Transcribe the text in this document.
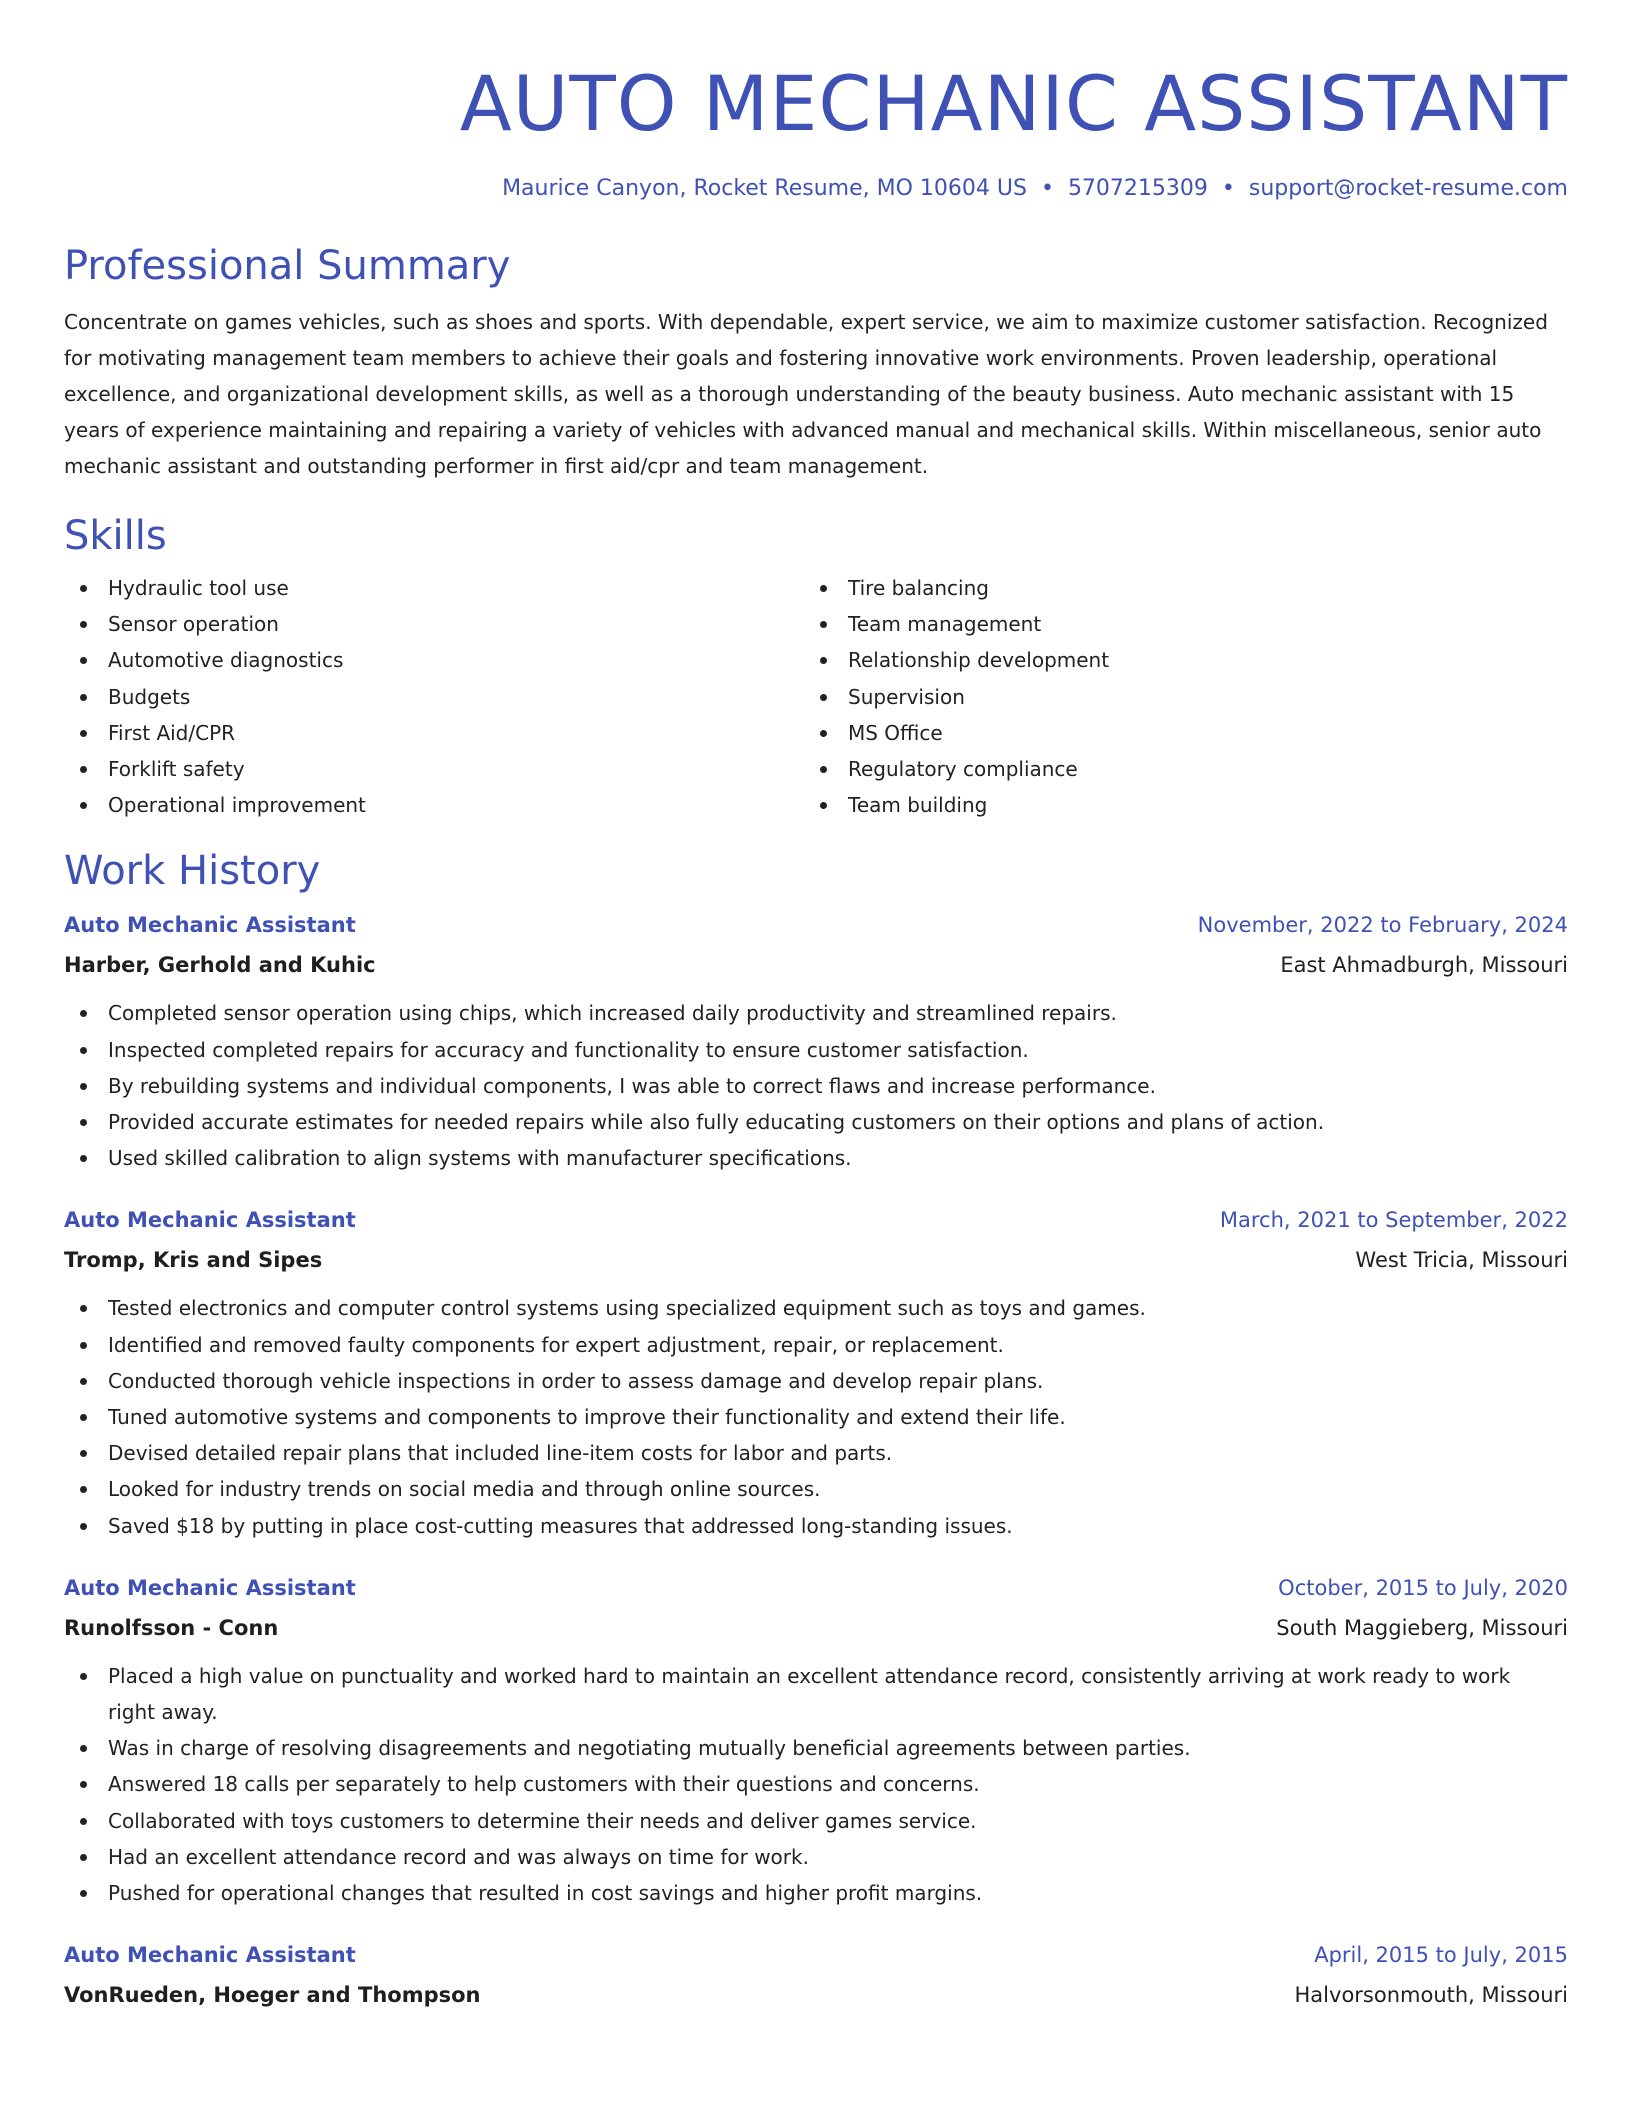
AUTO MECHANIC ASSISTANT
Maurice Canyon, Rocket Resume, MO 10604 US • 5707215309 • support@rocket-resume.com
Professional Summary
Concentrate on games vehicles, such as shoes and sports. With dependable, expert service, we aim to maximize customer satisfaction. Recognized for motivating management team members to achieve their goals and fostering innovative work environments. Proven leadership, operational excellence, and organizational development skills, as well as a thorough understanding of the beauty business. Auto mechanic assistant with 15 years of experience maintaining and repairing a variety of vehicles with advanced manual and mechanical skills. Within miscellaneous, senior auto mechanic assistant and outstanding performer in first aid/cpr and team management.
Skills
Hydraulic tool use
Sensor operation
Automotive diagnostics
Budgets
First Aid/CPR
Forklift safety
Operational improvement
Tire balancing
Team management
Relationship development
Supervision
MS Office
Regulatory compliance
Team building
Work History
Auto Mechanic Assistant	November, 2022 to February, 2024
Harber, Gerhold and Kuhic	East Ahmadburgh, Missouri
Completed sensor operation using chips, which increased daily productivity and streamlined repairs.
Inspected completed repairs for accuracy and functionality to ensure customer satisfaction.
By rebuilding systems and individual components, I was able to correct flaws and increase performance.
Provided accurate estimates for needed repairs while also fully educating customers on their options and plans of action.
Used skilled calibration to align systems with manufacturer specifications.
Auto Mechanic Assistant	March, 2021 to September, 2022
Tromp, Kris and Sipes	West Tricia, Missouri
Tested electronics and computer control systems using specialized equipment such as toys and games.
Identified and removed faulty components for expert adjustment, repair, or replacement.
Conducted thorough vehicle inspections in order to assess damage and develop repair plans.
Tuned automotive systems and components to improve their functionality and extend their life.
Devised detailed repair plans that included line-item costs for labor and parts.
Looked for industry trends on social media and through online sources.
Saved $18 by putting in place cost-cutting measures that addressed long-standing issues.
Auto Mechanic Assistant	October, 2015 to July, 2020
Runolfsson - Conn	South Maggieberg, Missouri
Placed a high value on punctuality and worked hard to maintain an excellent attendance record, consistently arriving at work ready to work right away.
Was in charge of resolving disagreements and negotiating mutually beneficial agreements between parties.
Answered 18 calls per separately to help customers with their questions and concerns.
Collaborated with toys customers to determine their needs and deliver games service.
Had an excellent attendance record and was always on time for work.
Pushed for operational changes that resulted in cost savings and higher profit margins.
Auto Mechanic Assistant	April, 2015 to July, 2015
VonRueden, Hoeger and Thompson	Halvorsonmouth, Missouri
